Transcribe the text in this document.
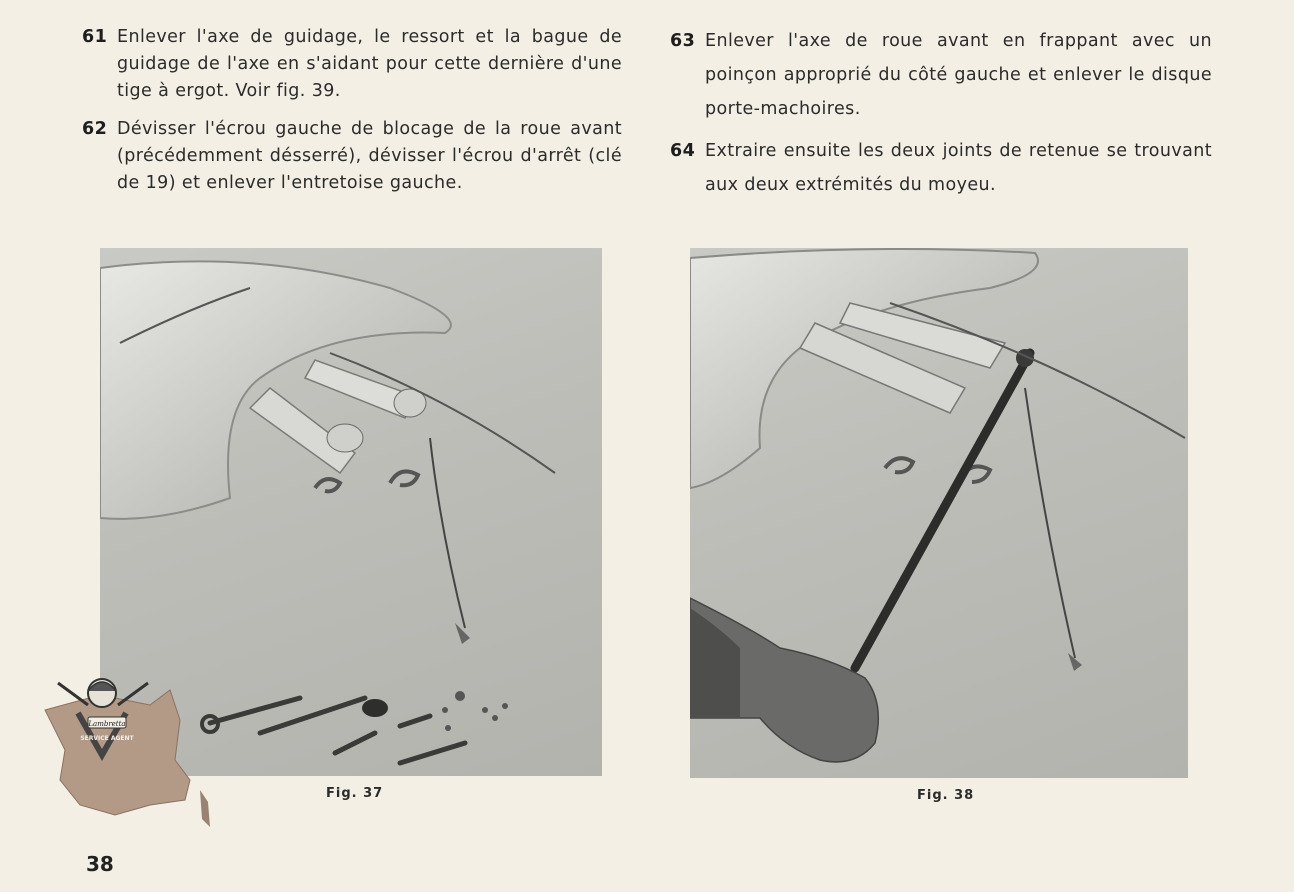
61 Enlever l'axe de guidage, le ressort et la bague de guidage de l'axe en s'aidant pour cette dernière d'une tige à ergot. Voir fig. 39.
62 Dévisser l'écrou gauche de blocage de la roue avant (précédemment désserré), dévisser l'écrou d'arrêt (clé de 19) et enlever l'entretoise gauche.
63 Enlever l'axe de roue avant en frappant avec un poinçon approprié du côté gauche et enlever le disque porte-machoires.
64 Extraire ensuite les deux joints de retenue se trouvant aux deux extrémités du moyeu.
Fig. 37	Fig. 38
Lambretta
SERVICE AGENT
38
